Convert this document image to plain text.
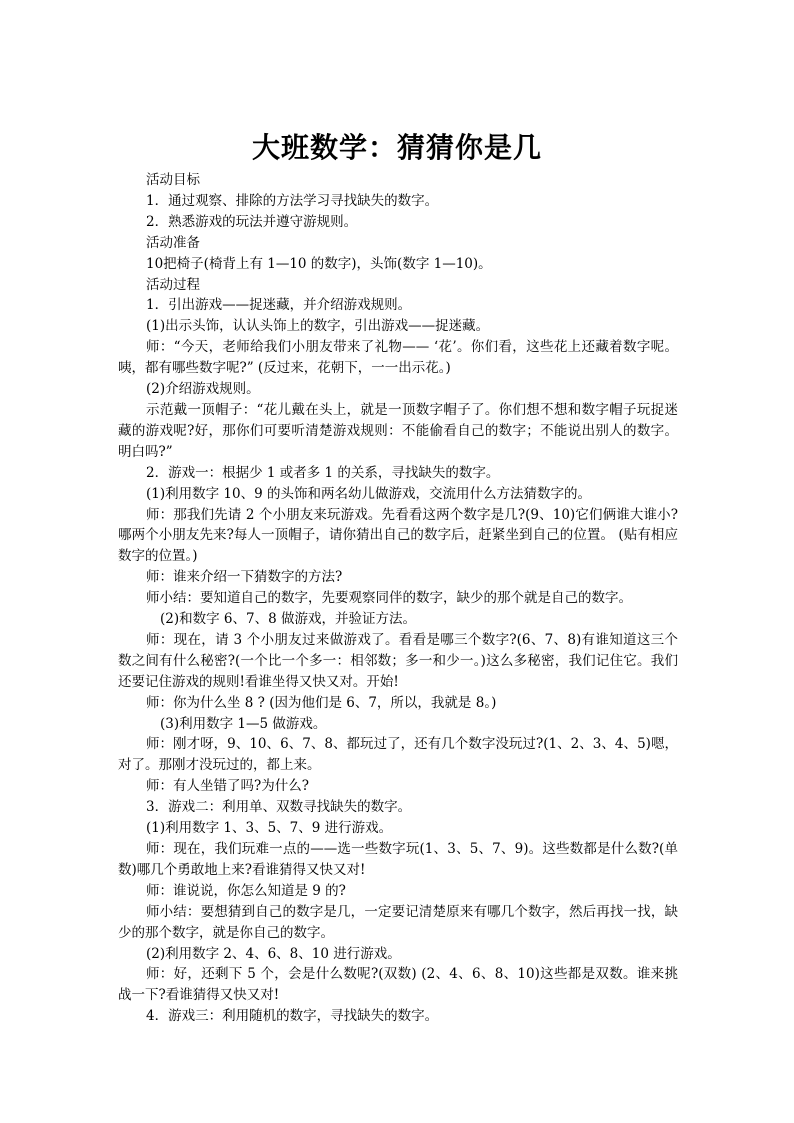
大班数学：猜猜你是几

活动目标

1．通过观察、排除的方法学习寻找缺失的数字。

2．熟悉游戏的玩法并遵守游规则。

活动准备

10把椅子(椅背上有 1—10 的数字)，头饰(数字 1—10)。

活动过程

1．引出游戏——捉迷藏，并介绍游戏规则。

(1)出示头饰，认认头饰上的数字，引出游戏——捉迷藏。

师：“今天，老师给我们小朋友带来了礼物—— ‘花’。你们看，这些花上还藏着数字呢。咦，都有哪些数字呢?” (反过来，花朝下，一一出示花。)

(2)介绍游戏规则。

示范戴一顶帽子：“花儿戴在头上，就是一顶数字帽子了。你们想不想和数字帽子玩捉迷藏的游戏呢?好，那你们可要听清楚游戏规则：不能偷看自己的数字；不能说出别人的数字。明白吗?”

2．游戏一：根据少 1 或者多 1 的关系，寻找缺失的数字。

(1)利用数字 10、9 的头饰和两名幼儿做游戏，交流用什么方法猜数字的。

师：那我们先请 2 个小朋友来玩游戏。先看看这两个数字是几?(9、10)它们俩谁大谁小?哪两个小朋友先来?每人一顶帽子，请你猜出自己的数字后，赶紧坐到自己的位置。 (贴有相应数字的位置。)

师：谁来介绍一下猜数字的方法?

师小结：要知道自己的数字，先要观察同伴的数字，缺少的那个就是自己的数字。

(2)和数字 6、7、8 做游戏，并验证方法。

师：现在，请 3 个小朋友过来做游戏了。看看是哪三个数字?(6、7、8)有谁知道这三个数之间有什么秘密?(一个比一个多一：相邻数；多一和少一。)这么多秘密，我们记住它。我们还要记住游戏的规则!看谁坐得又快又对。开始!

师：你为什么坐 8 ? (因为他们是 6、7，所以，我就是 8。)

(3)利用数字 1—5 做游戏。

师：刚才呀，9、10、6、7、8、都玩过了，还有几个数字没玩过?(1、2、3、4、5)嗯，对了。那刚才没玩过的，都上来。

师：有人坐错了吗?为什么?

3．游戏二：利用单、双数寻找缺失的数字。

(1)利用数字 1、3、5、7、9 进行游戏。

师：现在，我们玩难一点的——选一些数字玩(1、3、5、7、9)。这些数都是什么数?(单数)哪几个勇敢地上来?看谁猜得又快又对!

师：谁说说，你怎么知道是 9 的?

师小结：要想猜到自己的数字是几，一定要记清楚原来有哪几个数字，然后再找一找，缺少的那个数字，就是你自己的数字。

(2)利用数字 2、4、6、8、10 进行游戏。

师：好，还剩下 5 个，会是什么数呢?(双数) (2、4、6、8、10)这些都是双数。谁来挑战一下?看谁猜得又快又对!

4．游戏三：利用随机的数字，寻找缺失的数字。
